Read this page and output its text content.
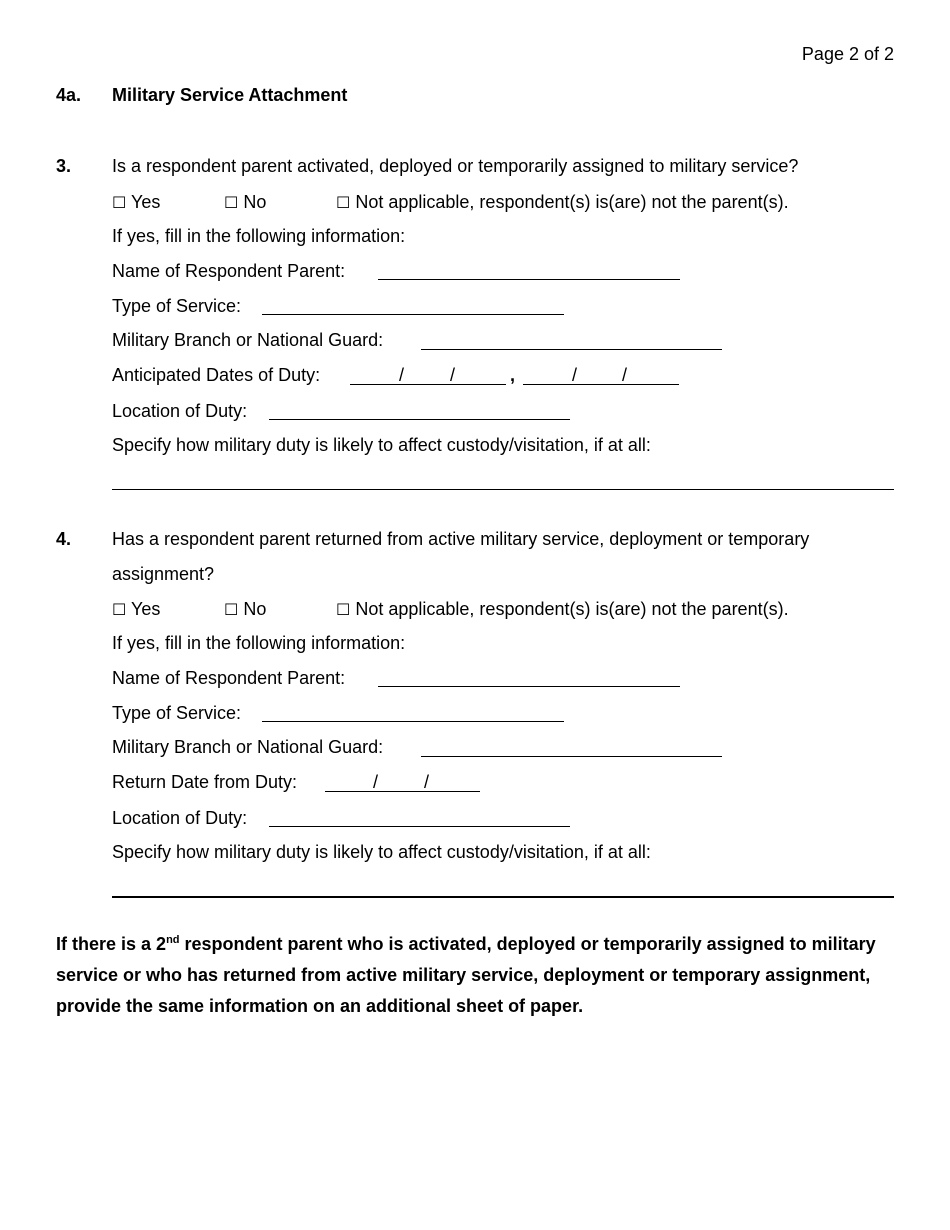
Page 2 of 2
4a. Military Service Attachment
3. Is a respondent parent activated, deployed or temporarily assigned to military service?
☐ Yes	☐ No	☐ Not applicable, respondent(s) is(are) not the parent(s).
If yes, fill in the following information:
Name of Respondent Parent:
Type of Service:
Military Branch or National Guard:
Anticipated Dates of Duty:	/	/	,	/ /
Location of Duty:
Specify how military duty is likely to affect custody/visitation, if at all:
4. Has a respondent parent returned from active military service, deployment or temporary
assignment?
☐ Yes	☐ No	☐ Not applicable, respondent(s) is(are) not the parent(s).
If yes, fill in the following information:
Name of Respondent Parent:
Type of Service:
Military Branch or National Guard:
Return Date from Duty:	/	/
Location of Duty:
Specify how military duty is likely to affect custody/visitation, if at all:
If there is a 2nd respondent parent who is activated, deployed or temporarily assigned to military service or who has returned from active military service, deployment or temporary assignment, provide the same information on an additional sheet of paper.
